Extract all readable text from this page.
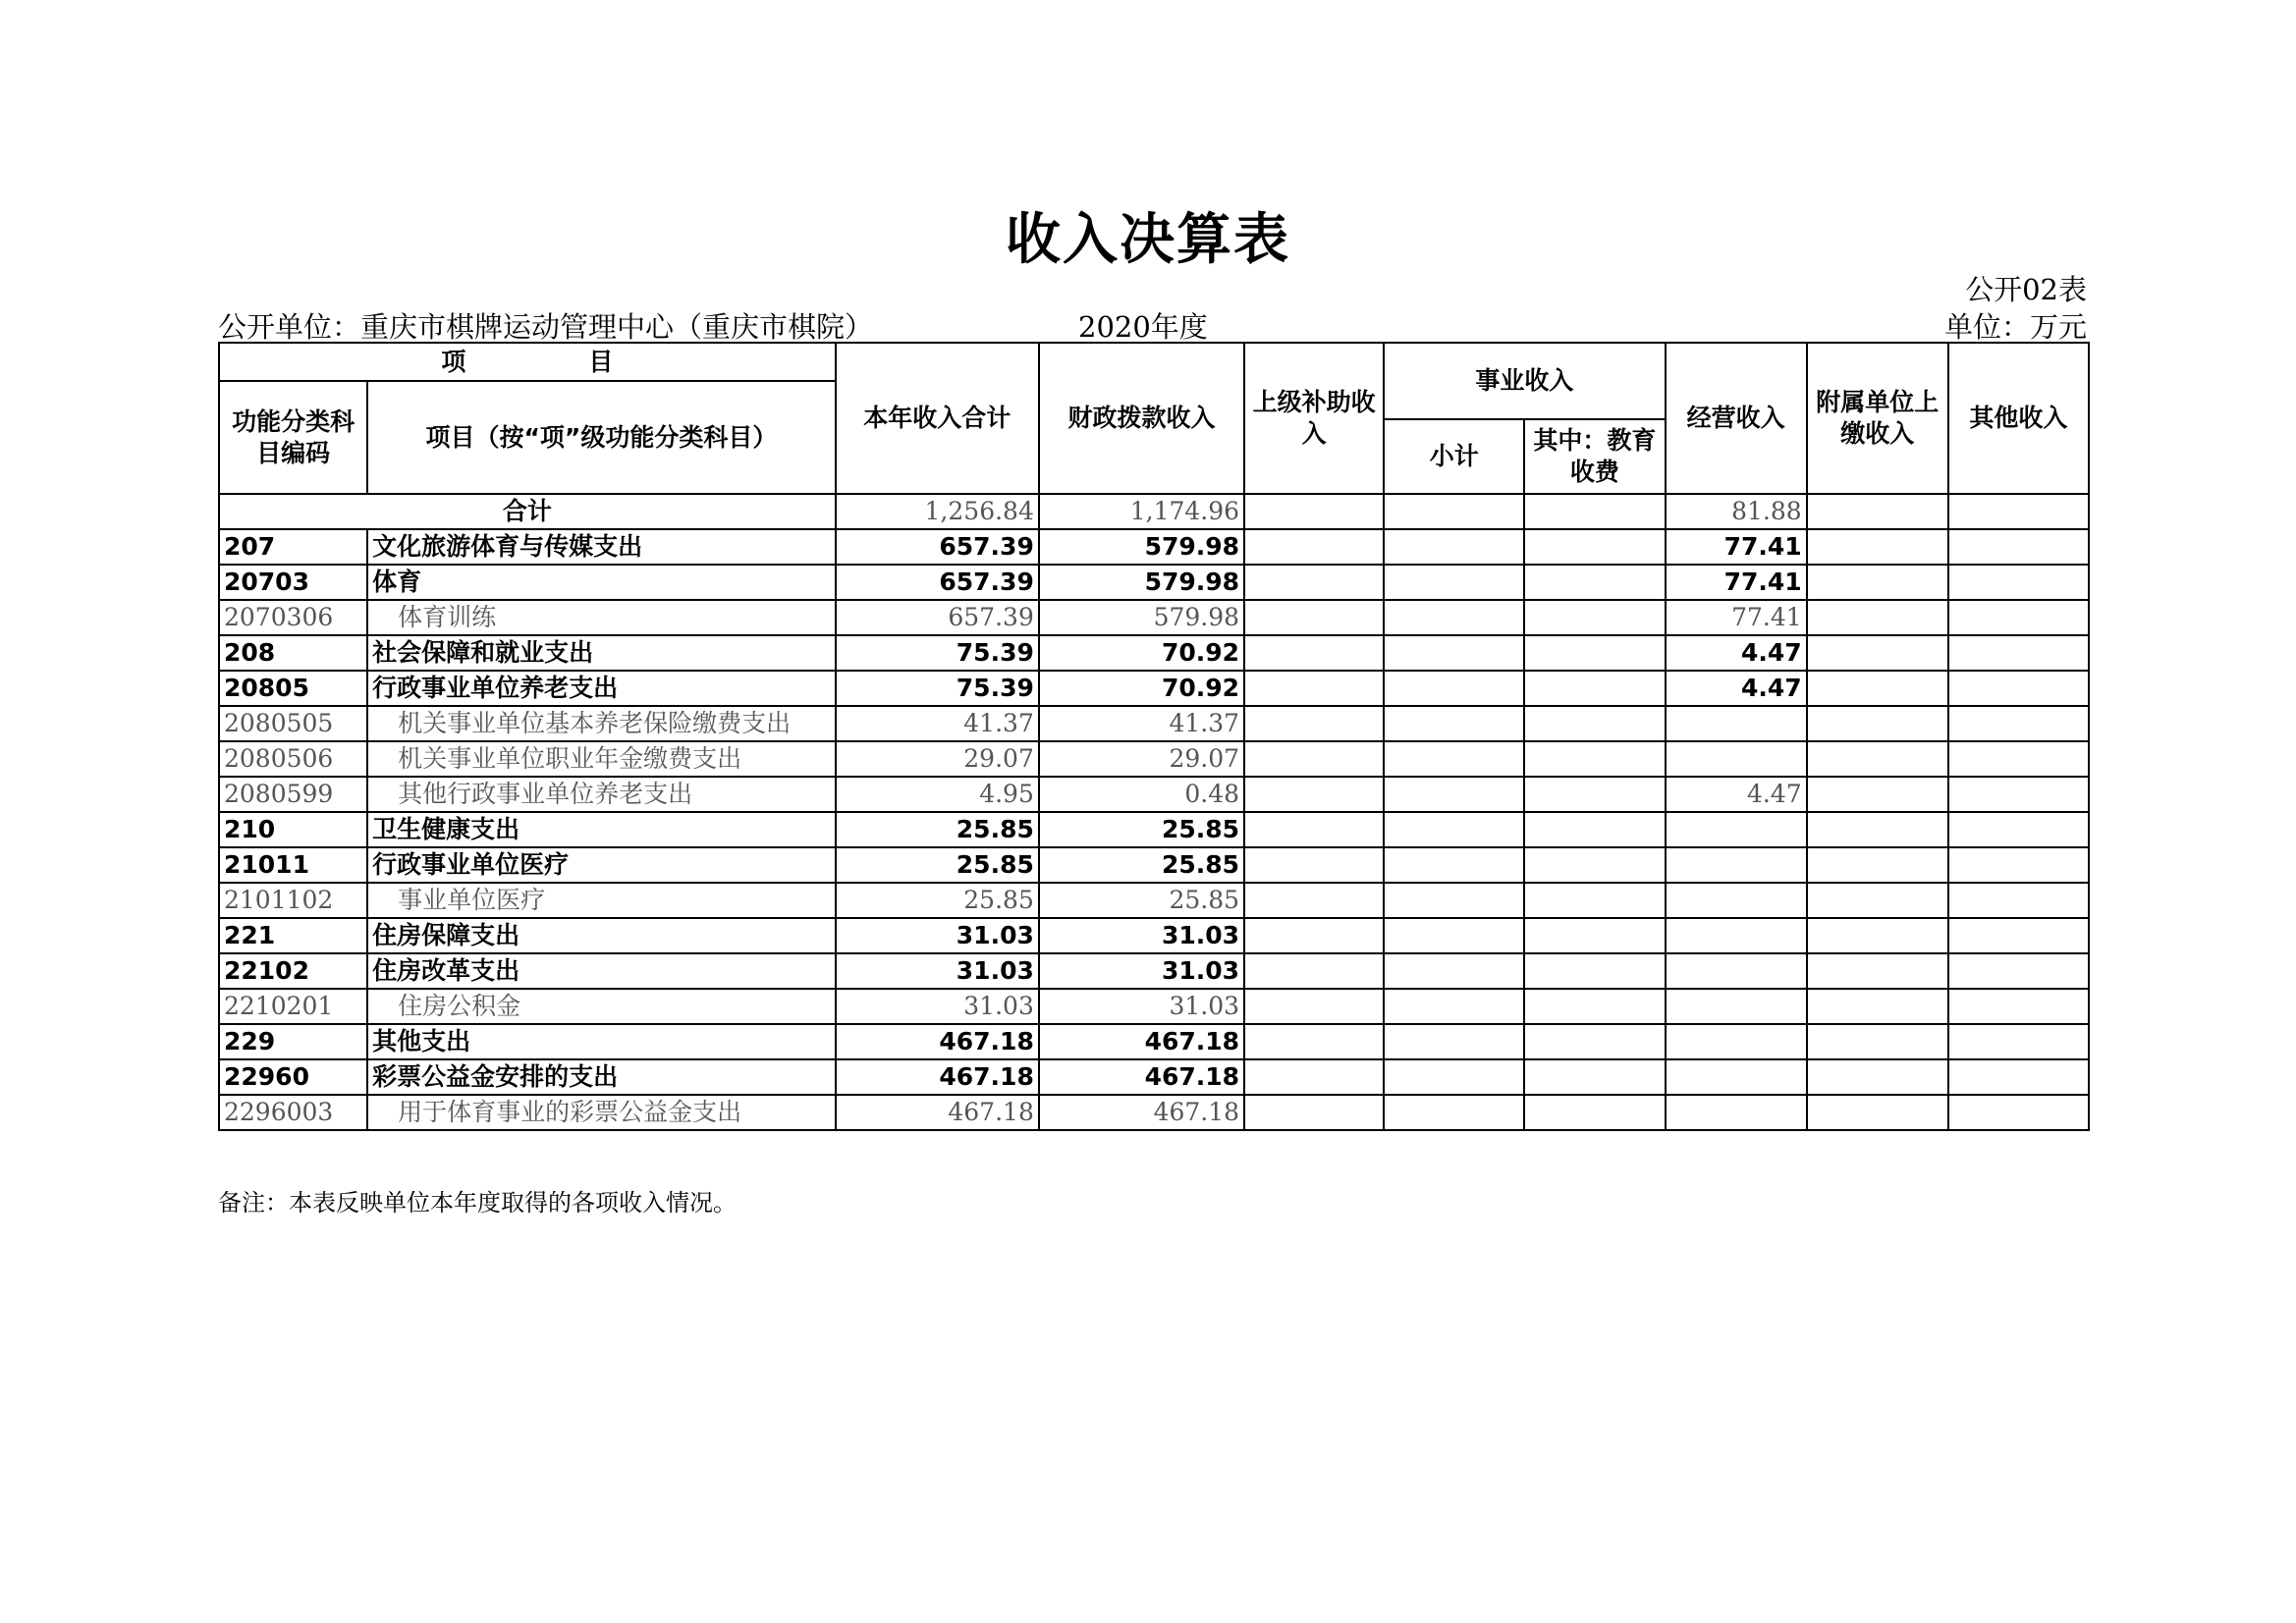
收入决算表
公开02表
公开单位：重庆市棋牌运动管理中心（重庆市棋院）	2020年度	单位：万元
项　　　　　目		本年收入合计	财政拨款收入	上级补助收入	事业收入		经营收入	附属单位上缴收入	其他收入
功能分类科目编码	项目（按“项”级功能分类科目）								
					小计	其中：教育收费			
合计		1,256.84	1,174.96				81.88		
207	文化旅游体育与传媒支出	657.39	579.98				77.41		
20703	体育	657.39	579.98				77.41		
2070306	体育训练	657.39	579.98				77.41		
208	社会保障和就业支出	75.39	70.92				4.47		
20805	行政事业单位养老支出	75.39	70.92				4.47		
2080505	机关事业单位基本养老保险缴费支出	41.37	41.37						
2080506	机关事业单位职业年金缴费支出	29.07	29.07						
2080599	其他行政事业单位养老支出	4.95	0.48				4.47		
210	卫生健康支出	25.85	25.85						
21011	行政事业单位医疗	25.85	25.85						
2101102	事业单位医疗	25.85	25.85						
221	住房保障支出	31.03	31.03						
22102	住房改革支出	31.03	31.03						
2210201	住房公积金	31.03	31.03						
229	其他支出	467.18	467.18						
22960	彩票公益金安排的支出	467.18	467.18						
2296003	用于体育事业的彩票公益金支出	467.18	467.18						
备注：本表反映单位本年度取得的各项收入情况。
